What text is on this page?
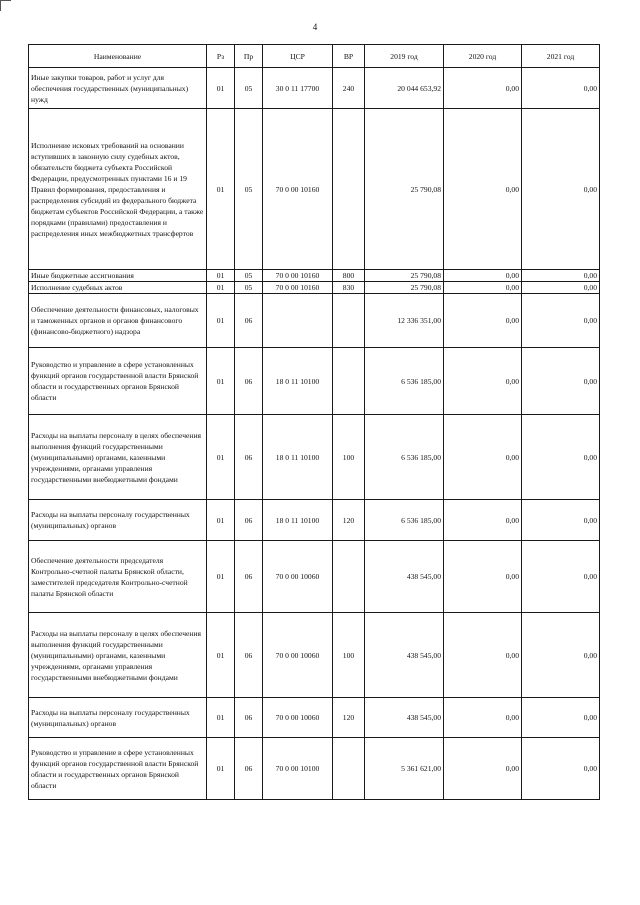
4
Наименование	Рз	Пр	ЦСР	ВР	2019 год	2020 год	2021 год
Иные закупки товаров, работ и услуг для обеспечения государственных (муниципальных) нужд	01	05	30 0 11 17700	240	20 044 653,92	0,00	0,00
Исполнение исковых требований на основании вступивших в законную силу судебных актов, обязательств бюджета субъекта Российской Федерации, предусмотренных пунктами 16 и 19 Правил формирования, предоставления и распределения субсидий из федерального бюджета бюджетам субъектов Российской Федерации, а также порядками (правилами) предоставления и распределения иных межбюджетных трансфертов	01	05	70 0 00 10160		25 790,08	0,00	0,00
Иные бюджетные ассигнования	01	05	70 0 00 10160	800	25 790,08	0,00	0,00
Исполнение судебных актов	01	05	70 0 00 10160	830	25 790,08	0,00	0,00
Обеспечение деятельности финансовых, налоговых и таможенных органов и органов финансового (финансово-бюджетного) надзора	01	06			12 336 351,00	0,00	0,00
Руководство и управление в сфере установленных функций органов государственной власти Брянской области и государственных органов Брянской области	01	06	18 0 11 10100		6 536 185,00	0,00	0,00
Расходы на выплаты персоналу в целях обеспечения выполнения функций государственными (муниципальными) органами, казенными учреждениями, органами управления государственными внебюджетными фондами	01	06	18 0 11 10100	100	6 536 185,00	0,00	0,00
Расходы на выплаты персоналу государственных (муниципальных) органов	01	06	18 0 11 10100	120	6 536 185,00	0,00	0,00
Обеспечение деятельности председателя Контрольно-счетной палаты Брянской области, заместителей председателя Контрольно-счетной палаты Брянской области	01	06	70 0 00 10060		438 545,00	0,00	0,00
Расходы на выплаты персоналу в целях обеспечения выполнения функций государственными (муниципальными) органами, казенными учреждениями, органами управления государственными внебюджетными фондами	01	06	70 0 00 10060	100	438 545,00	0,00	0,00
Расходы на выплаты персоналу государственных (муниципальных) органов	01	06	70 0 00 10060	120	438 545,00	0,00	0,00
Руководство и управление в сфере установленных функций органов государственной власти Брянской области и государственных органов Брянской области	01	06	70 0 00 10100		5 361 621,00	0,00	0,00
